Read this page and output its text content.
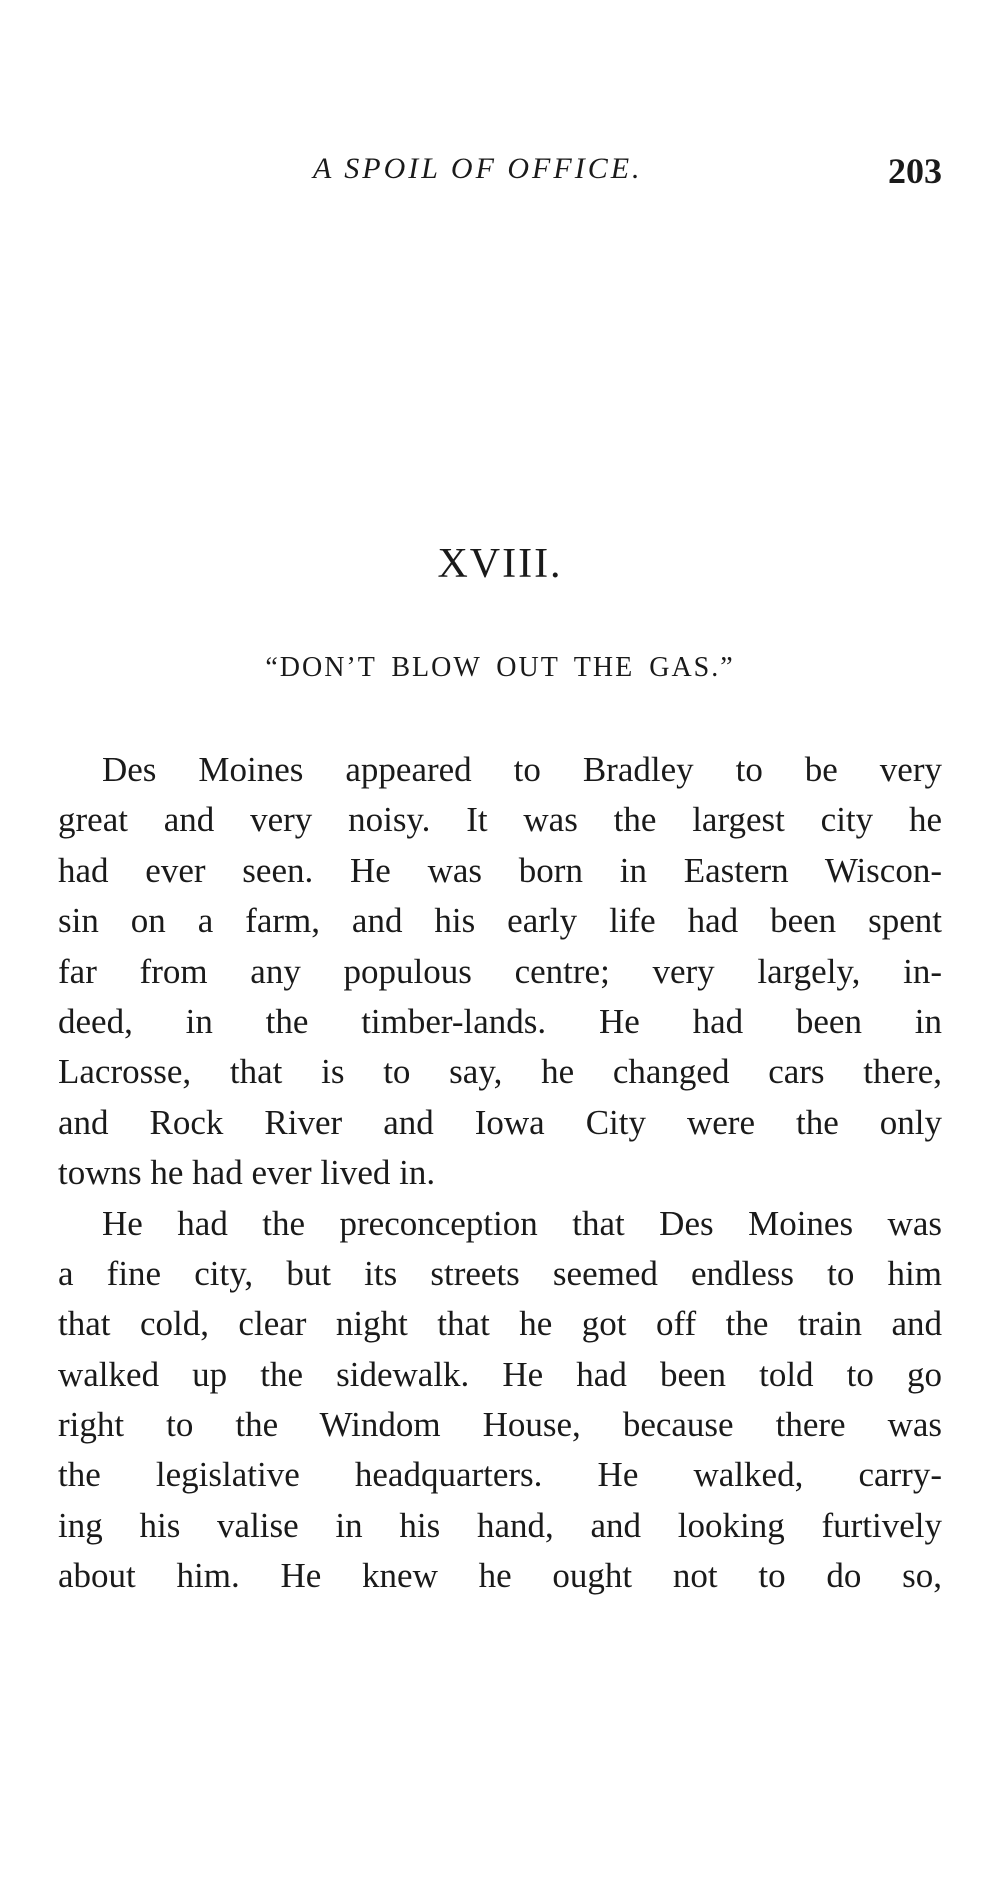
A SPOIL OF OFFICE.	203
XVIII.
“DON’T BLOW OUT THE GAS.”
Des Moines appeared to Bradley to be very
great and very noisy. It was the largest city he
had ever seen. He was born in Eastern Wiscon-
sin on a farm, and his early life had been spent
far from any populous centre; very largely, in-
deed, in the timber-lands. He had been in
Lacrosse, that is to say, he changed cars there,
and Rock River and Iowa City were the only
towns he had ever lived in.
He had the preconception that Des Moines was
a fine city, but its streets seemed endless to him
that cold, clear night that he got off the train and
walked up the sidewalk. He had been told to go
right to the Windom House, because there was
the legislative headquarters. He walked, carry-
ing his valise in his hand, and looking furtively
about him. He knew he ought not to do so,
